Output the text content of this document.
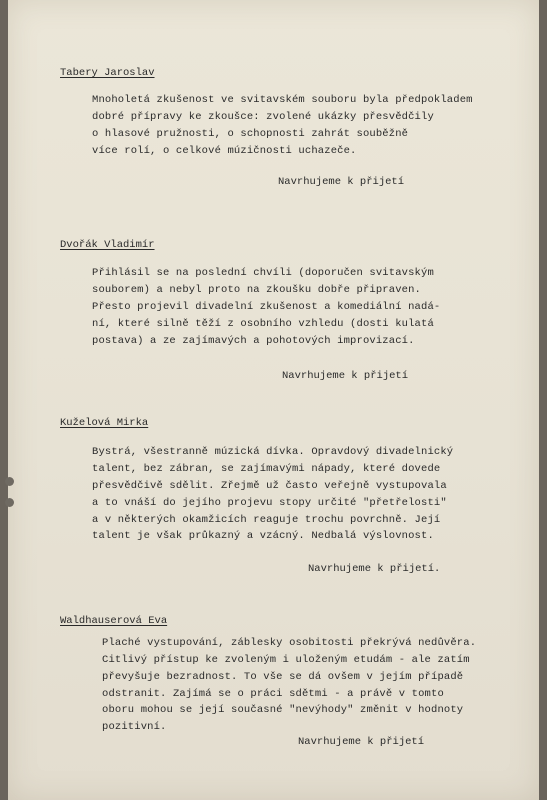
Tabery Jaroslav
Mnoholetá zkušenost ve svitavském souboru byla předpokladem
dobré přípravy ke zkoušce: zvolené ukázky přesvědčily
o hlasové pružnosti, o schopnosti zahrát souběžně
více rolí, o celkové múzičnosti uchazeče.
Navrhujeme k přijetí
Dvořák Vladimír
Přihlásil se na poslední chvíli (doporučen svitavským
souborem) a nebyl proto na zkoušku dobře připraven.
Přesto projevil divadelní zkušenost a komediální nadá-
ní, které silně těží z osobního vzhledu (dosti kulatá
postava) a ze zajímavých a pohotových improvizací.
Navrhujeme k přijetí
Kuželová Mirka
Bystrá, všestranně múzická dívka. Opravdový divadelnický
talent, bez zábran, se zajímavými nápady, které dovede
přesvědčivě sdělit. Zřejmě už často veřejně vystupovala
a to vnáší do jejího projevu stopy určité "přetřelosti"
a v některých okamžicích reaguje trochu povrchně. Její
talent je však průkazný a vzácný. Nedbalá výslovnost.
Navrhujeme k přijetí.
Waldhauserová Eva
Plaché vystupování, záblesky osobitosti překrývá nedůvěra.
Citlivý přístup ke zvoleným i uloženým etudám - ale zatím
převyšuje bezradnost. To vše se dá ovšem v jejím případě
odstranit. Zajímá se o práci sdětmi - a právě v tomto
oboru mohou se její současné "nevýhody" změnit v hodnoty
pozitivní.
Navrhujeme k přijetí
